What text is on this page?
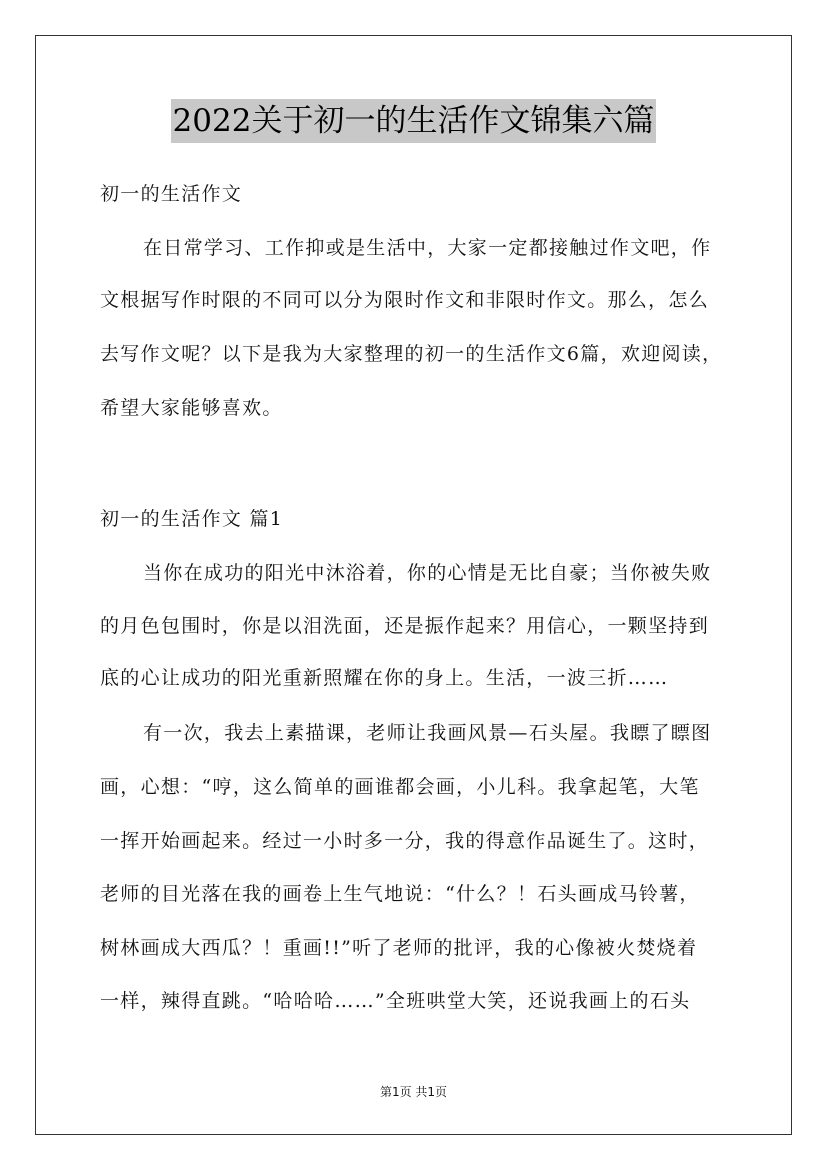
2022关于初一的生活作文锦集六篇
初一的生活作文
在日常学习、工作抑或是生活中，大家一定都接触过作文吧，作
文根据写作时限的不同可以分为限时作文和非限时作文。那么，怎么
去写作文呢？以下是我为大家整理的初一的生活作文6篇，欢迎阅读，
希望大家能够喜欢。
初一的生活作文 篇1
当你在成功的阳光中沐浴着，你的心情是无比自豪；当你被失败
的月色包围时，你是以泪洗面，还是振作起来？用信心，一颗坚持到
底的心让成功的阳光重新照耀在你的身上。生活，一波三折……
有一次，我去上素描课，老师让我画风景—石头屋。我瞟了瞟图
画，心想：“哼，这么简单的画谁都会画，小儿科。我拿起笔，大笔
一挥开始画起来。经过一小时多一分，我的得意作品诞生了。这时，
老师的目光落在我的画卷上生气地说：“什么？！石头画成马铃薯，
树林画成大西瓜？！重画!!”听了老师的批评，我的心像被火焚烧着
一样，辣得直跳。“哈哈哈……”全班哄堂大笑，还说我画上的石头
第1页 共1页
